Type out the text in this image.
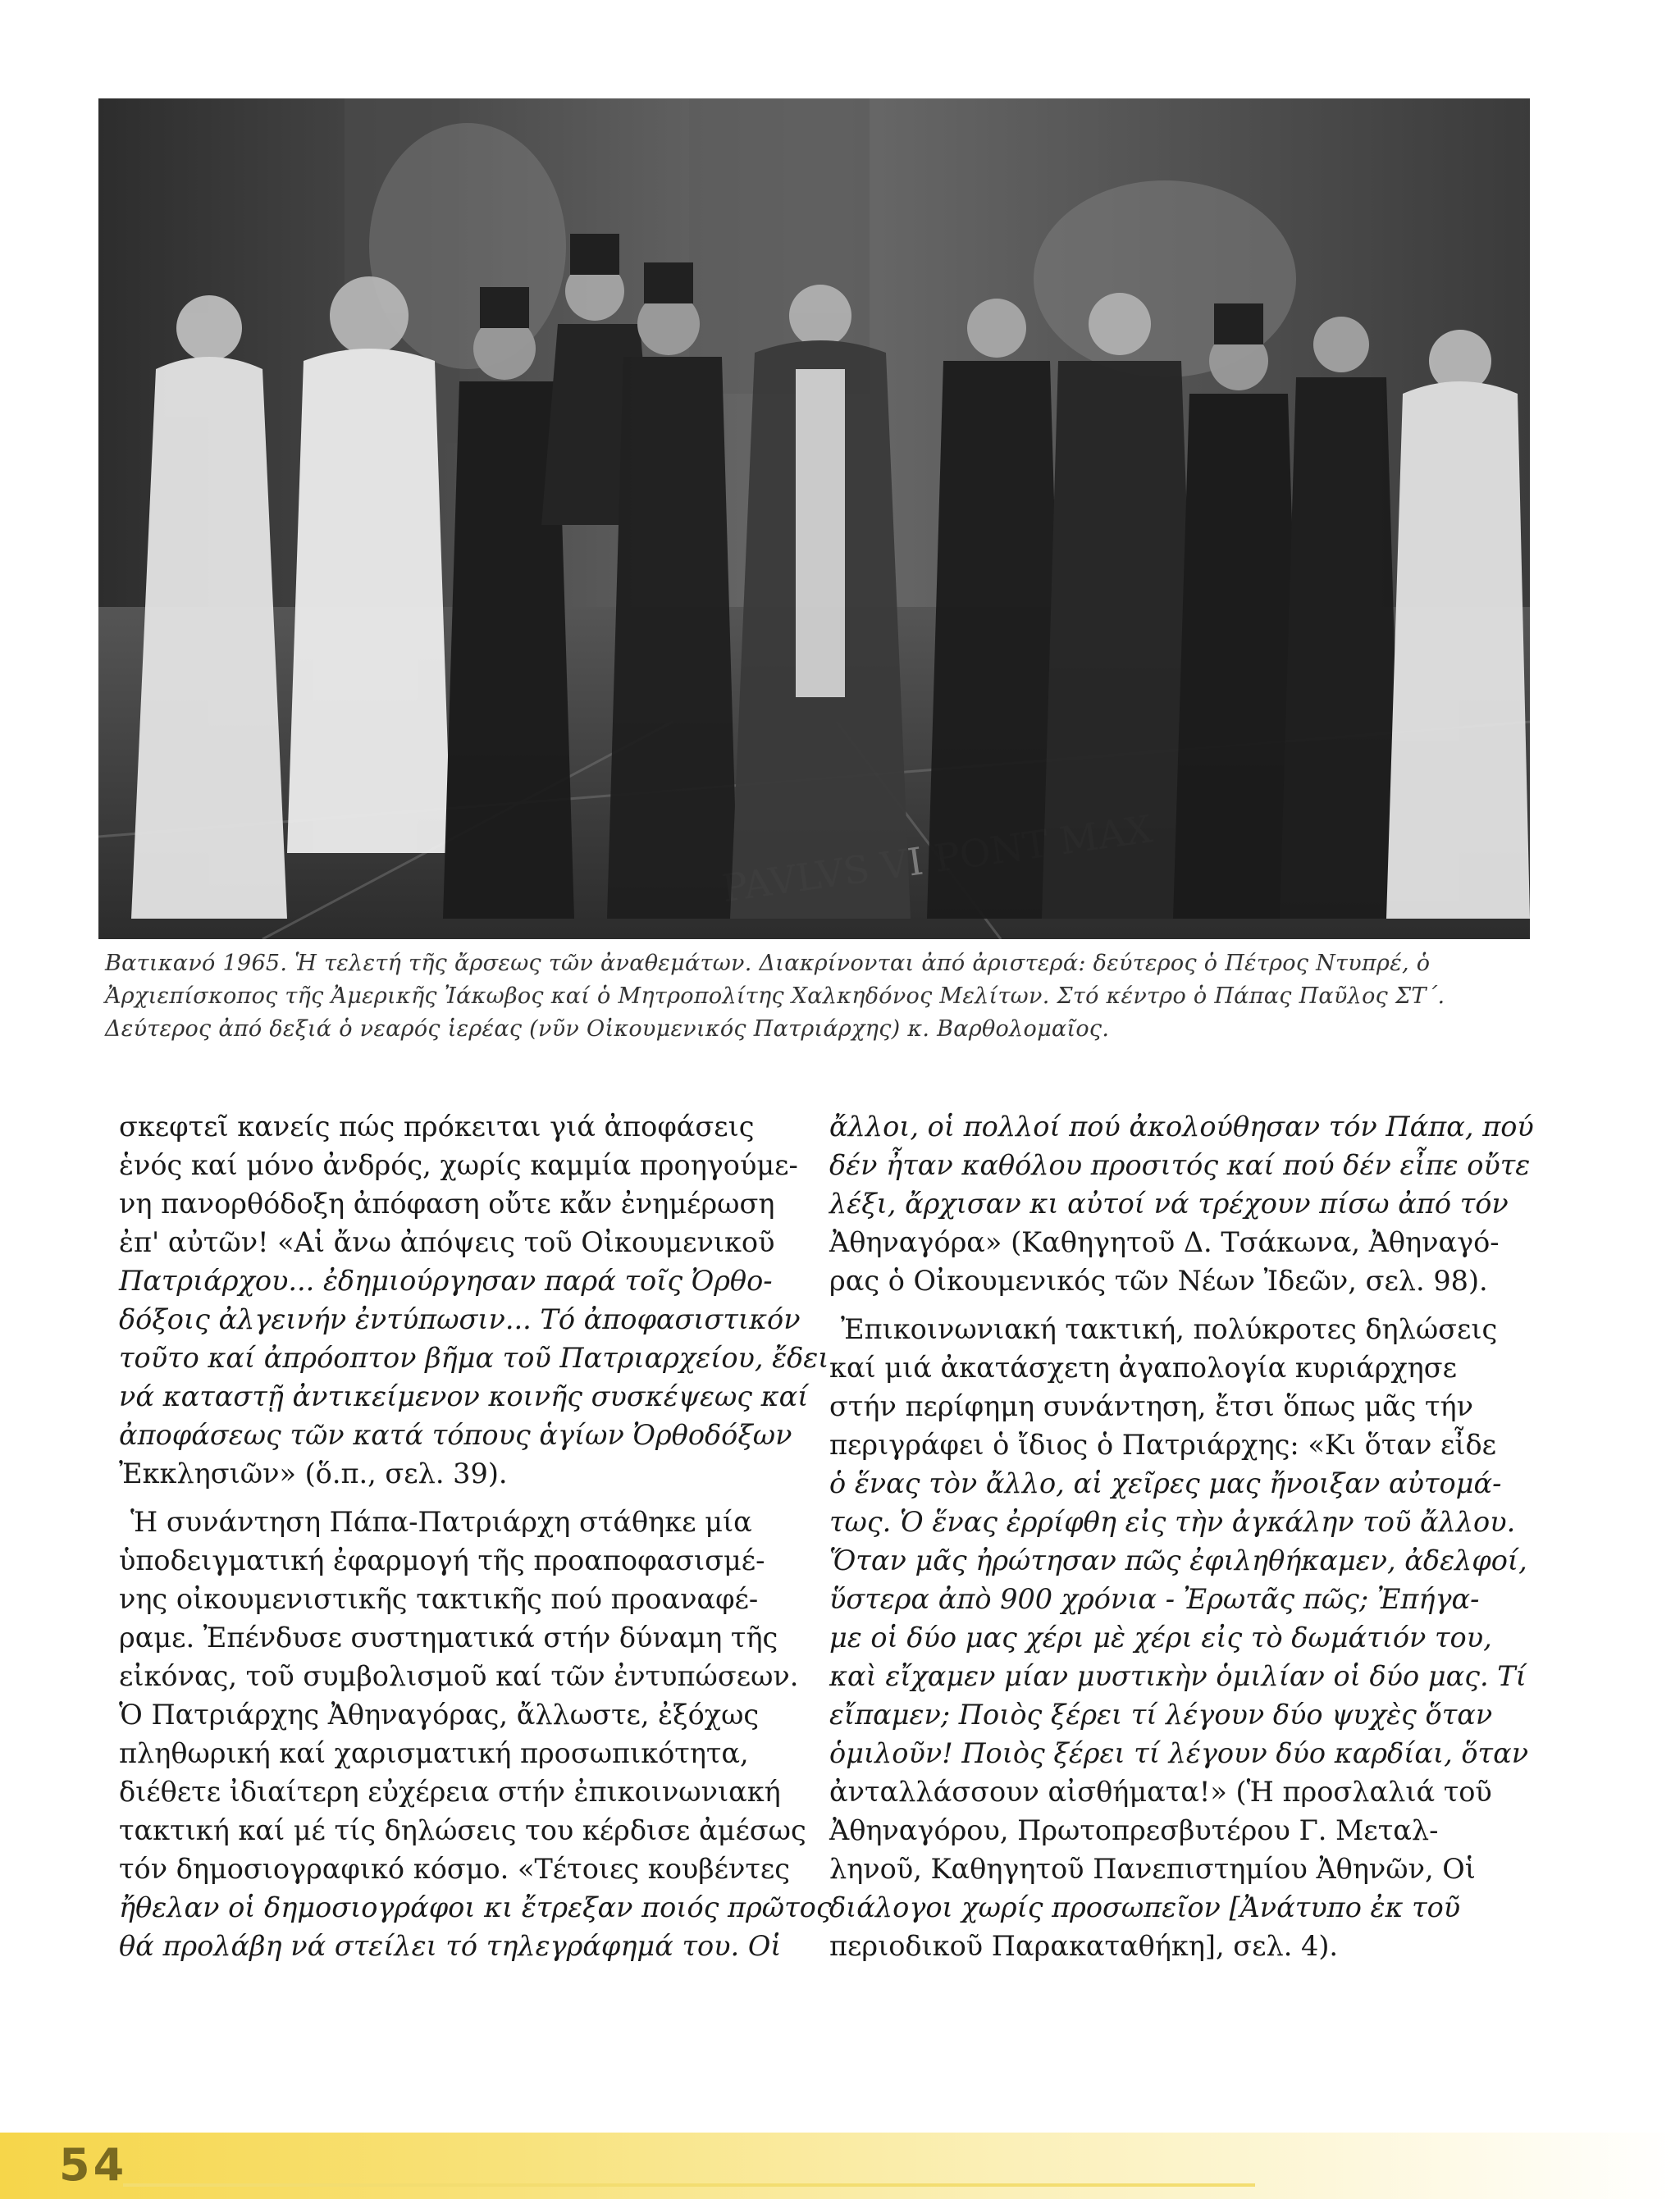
Βατικανό 1965. Ἡ τελετή τῆς ἄρσεως τῶν ἀναθεμάτων. Διακρίνονται ἀπό ἀριστερά: δεύτερος ὁ Πέτρος Ντυπρέ, ὁ
Ἀρχιεπίσκοπος τῆς Ἀμερικῆς Ἰάκωβος καί ὁ Μητροπολίτης Χαλκηδόνος Μελίτων. Στό κέντρο ὁ Πάπας Παῦλος ΣΤ΄.
Δεύτερος ἀπό δεξιά ὁ νεαρός ἱερέας (νῦν Οἰκουμενικός Πατριάρχης) κ. Βαρθολομαῖος.

σκεφτεῖ κανείς πώς πρόκειται γιά ἀποφάσεις
ἑνός καί μόνο ἀνδρός, χωρίς καμμία προηγούμε-
νη πανορθόδοξη ἀπόφαση οὔτε κἄν ἐνημέρωση
ἐπ' αὐτῶν! «Αἱ ἄνω ἀπόψεις τοῦ Οἰκουμενικοῦ
Πατριάρχου... ἐδημιούργησαν παρά τοῖς Ὀρθο-
δόξοις ἀλγεινήν ἐντύπωσιν... Τό ἀποφασιστικόν
τοῦτο καί ἀπρόοπτον βῆμα τοῦ Πατριαρχείου, ἔδει
νά καταστῇ ἀντικείμενον κοινῆς συσκέψεως καί
ἀποφάσεως τῶν κατά τόπους ἁγίων Ὀρθοδόξων
Ἐκκλησιῶν» (ὅ.π., σελ. 39).

Ἡ συνάντηση Πάπα-Πατριάρχη στάθηκε μία
ὑποδειγματική ἐφαρμογή τῆς προαποφασισμέ-
νης οἰκουμενιστικῆς τακτικῆς πού προαναφέ-
ραμε. Ἐπένδυσε συστηματικά στήν δύναμη τῆς
εἰκόνας, τοῦ συμβολισμοῦ καί τῶν ἐντυπώσεων.
Ὁ Πατριάρχης Ἀθηναγόρας, ἄλλωστε, ἐξόχως
πληθωρική καί χαρισματική προσωπικότητα,
διέθετε ἰδιαίτερη εὐχέρεια στήν ἐπικοινωνιακή
τακτική καί μέ τίς δηλώσεις του κέρδισε ἀμέσως
τόν δημοσιογραφικό κόσμο. «Τέτοιες κουβέντες
ἤθελαν οἱ δημοσιογράφοι κι ἔτρεξαν ποιός πρῶτος
θά προλάβη νά στείλει τό τηλεγράφημά του. Οἱ

ἄλλοι, οἱ πολλοί πού ἀκολούθησαν τόν Πάπα, πού
δέν ἦταν καθόλου προσιτός καί πού δέν εἶπε οὔτε
λέξι, ἄρχισαν κι αὐτοί νά τρέχουν πίσω ἀπό τόν
Ἀθηναγόρα» (Καθηγητοῦ Δ. Τσάκωνα, Ἀθηναγό-
ρας ὁ Οἰκουμενικός τῶν Νέων Ἰδεῶν, σελ. 98).

Ἐπικοινωνιακή τακτική, πολύκροτες δηλώσεις
καί μιά ἀκατάσχετη ἀγαπολογία κυριάρχησε
στήν περίφημη συνάντηση, ἔτσι ὅπως μᾶς τήν
περιγράφει ὁ ἴδιος ὁ Πατριάρχης: «Κι ὅταν εἶδε
ὁ ἕνας τὸν ἄλλο, αἱ χεῖρες μας ἤνοιξαν αὐτομά-
τως. Ὁ ἕνας ἐρρίφθη εἰς τὴν ἀγκάλην τοῦ ἄλλου.
Ὅταν μᾶς ἠρώτησαν πῶς ἐφιληθήκαμεν, ἀδελφοί,
ὕστερα ἀπὸ 900 χρόνια - Ἐρωτᾶς πῶς; Ἐπήγα-
με οἱ δύο μας χέρι μὲ χέρι εἰς τὸ δωμάτιόν του,
καὶ εἴχαμεν μίαν μυστικὴν ὁμιλίαν οἱ δύο μας. Τί
εἴπαμεν; Ποιὸς ξέρει τί λέγουν δύο ψυχὲς ὅταν
ὁμιλοῦν! Ποιὸς ξέρει τί λέγουν δύο καρδίαι, ὅταν
ἀνταλλάσσουν αἰσθήματα!» (Ἡ προσλαλιά τοῦ
Ἀθηναγόρου, Πρωτοπρεσβυτέρου Γ. Μεταλ-
ληνοῦ, Καθηγητοῦ Πανεπιστημίου Ἀθηνῶν, Οἱ
διάλογοι χωρίς προσωπεῖον [Ἀνάτυπο ἐκ τοῦ
περιοδικοῦ Παρακαταθήκη], σελ. 4).

54
